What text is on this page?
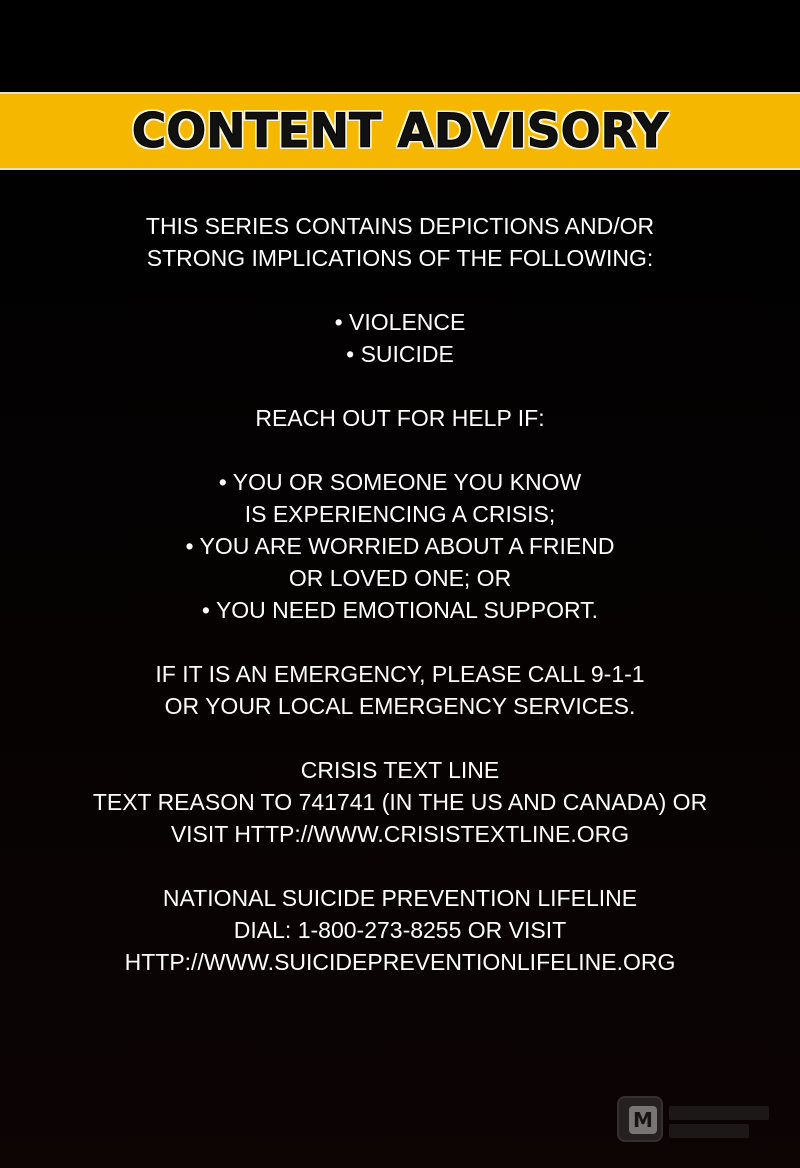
CONTENT ADVISORY
THIS SERIES CONTAINS DEPICTIONS AND/OR
STRONG IMPLICATIONS OF THE FOLLOWING:
• VIOLENCE
• SUICIDE
REACH OUT FOR HELP IF:
• YOU OR SOMEONE YOU KNOW
IS EXPERIENCING A CRISIS;
• YOU ARE WORRIED ABOUT A FRIEND
OR LOVED ONE; OR
• YOU NEED EMOTIONAL SUPPORT.
IF IT IS AN EMERGENCY, PLEASE CALL 9-1-1
OR YOUR LOCAL EMERGENCY SERVICES.
CRISIS TEXT LINE
TEXT REASON TO 741741 (IN THE US AND CANADA) OR
VISIT HTTP://WWW.CRISISTEXTLINE.ORG
NATIONAL SUICIDE PREVENTION LIFELINE
DIAL: 1-800-273-8255 OR VISIT
HTTP://WWW.SUICIDEPREVENTIONLIFELINE.ORG
M
